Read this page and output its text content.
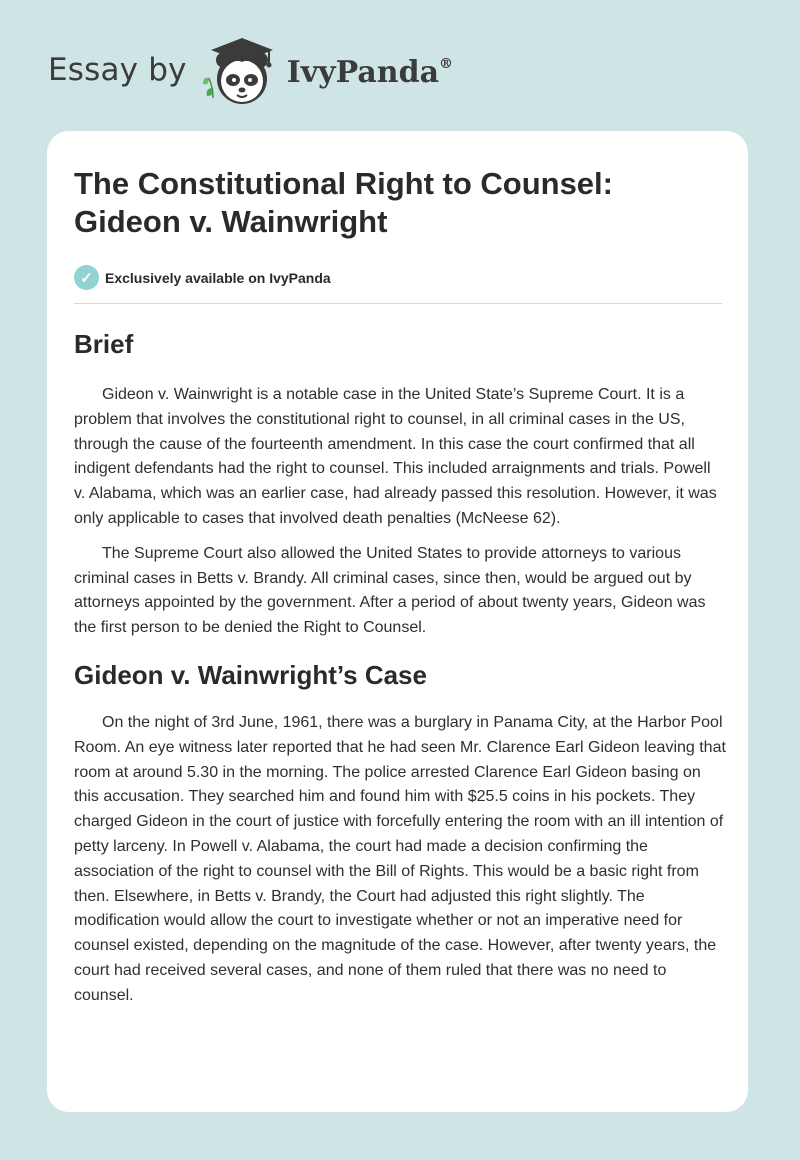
Essay by	IvyPanda®
The Constitutional Right to Counsel:
Gideon v. Wainwright
✓ Exclusively available on IvyPanda
Brief

Gideon v. Wainwright is a notable case in the United State’s Supreme Court. It is a problem that involves the constitutional right to counsel, in all criminal cases in the US, through the cause of the fourteenth amendment. In this case the court confirmed that all indigent defendants had the right to counsel. This included arraignments and trials. Powell v. Alabama, which was an earlier case, had already passed this resolution. However, it was only applicable to cases that involved death penalties (McNeese 62).

The Supreme Court also allowed the United States to provide attorneys to various criminal cases in Betts v. Brandy. All criminal cases, since then, would be argued out by attorneys appointed by the government. After a period of about twenty years, Gideon was the first person to be denied the Right to Counsel.

Gideon v. Wainwright’s Case

On the night of 3rd June, 1961, there was a burglary in Panama City, at the Harbor Pool Room. An eye witness later reported that he had seen Mr. Clarence Earl Gideon leaving that room at around 5.30 in the morning. The police arrested Clarence Earl Gideon basing on this accusation. They searched him and found him with $25.5 coins in his pockets. They charged Gideon in the court of justice with forcefully entering the room with an ill intention of petty larceny. In Powell v. Alabama, the court had made a decision confirming the association of the right to counsel with the Bill of Rights. This would be a basic right from then. Elsewhere, in Betts v. Brandy, the Court had adjusted this right slightly. The modification would allow the court to investigate whether or not an imperative need for counsel existed, depending on the magnitude of the case. However, after twenty years, the court had received several cases, and none of them ruled that there was no need to counsel.
